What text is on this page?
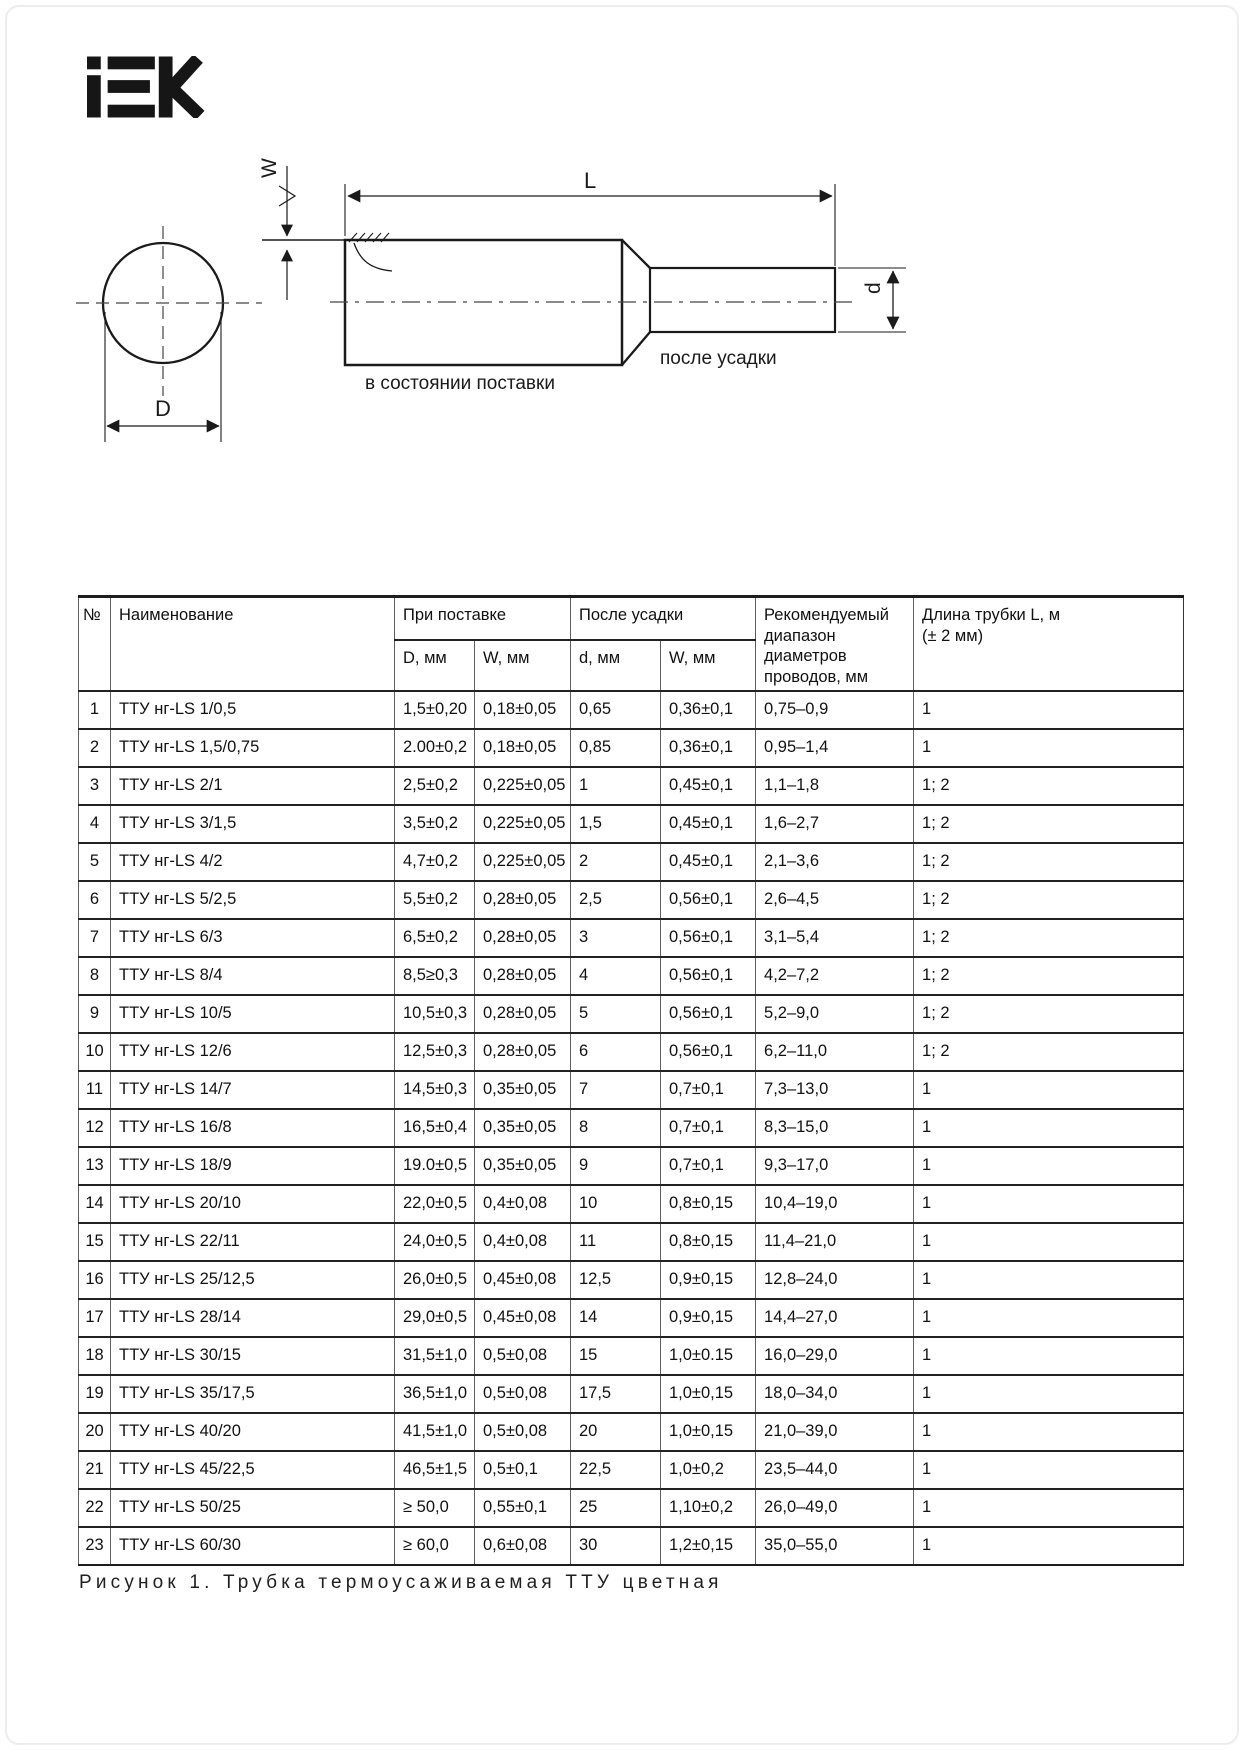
D
W	L
d
после усадки
в состоянии поставки
№	Наименование	При поставке		После усадки		Рекомендуемый диапазон диаметров проводов, мм	Длина трубки L, м
(± 2 мм)
		D, мм	W, мм	d, мм	W, мм		
1	ТТУ нг-LS 1/0,5	1,5±0,20	0,18±0,05	0,65	0,36±0,1	0,75–0,9	1
2	ТТУ нг-LS 1,5/0,75	2.00±0,2	0,18±0,05	0,85	0,36±0,1	0,95–1,4	1
3	ТТУ нг-LS 2/1	2,5±0,2	0,225±0,05	1	0,45±0,1	1,1–1,8	1; 2
4	ТТУ нг-LS 3/1,5	3,5±0,2	0,225±0,05	1,5	0,45±0,1	1,6–2,7	1; 2
5	ТТУ нг-LS 4/2	4,7±0,2	0,225±0,05	2	0,45±0,1	2,1–3,6	1; 2
6	ТТУ нг-LS 5/2,5	5,5±0,2	0,28±0,05	2,5	0,56±0,1	2,6–4,5	1; 2
7	ТТУ нг-LS 6/3	6,5±0,2	0,28±0,05	3	0,56±0,1	3,1–5,4	1; 2
8	ТТУ нг-LS 8/4	8,5≥0,3	0,28±0,05	4	0,56±0,1	4,2–7,2	1; 2
9	ТТУ нг-LS 10/5	10,5±0,3	0,28±0,05	5	0,56±0,1	5,2–9,0	1; 2
10	ТТУ нг-LS 12/6	12,5±0,3	0,28±0,05	6	0,56±0,1	6,2–11,0	1; 2
11	ТТУ нг-LS 14/7	14,5±0,3	0,35±0,05	7	0,7±0,1	7,3–13,0	1
12	ТТУ нг-LS 16/8	16,5±0,4	0,35±0,05	8	0,7±0,1	8,3–15,0	1
13	ТТУ нг-LS 18/9	19.0±0,5	0,35±0,05	9	0,7±0,1	9,3–17,0	1
14	ТТУ нг-LS 20/10	22,0±0,5	0,4±0,08	10	0,8±0,15	10,4–19,0	1
15	ТТУ нг-LS 22/11	24,0±0,5	0,4±0,08	11	0,8±0,15	11,4–21,0	1
16	ТТУ нг-LS 25/12,5	26,0±0,5	0,45±0,08	12,5	0,9±0,15	12,8–24,0	1
17	ТТУ нг-LS 28/14	29,0±0,5	0,45±0,08	14	0,9±0,15	14,4–27,0	1
18	ТТУ нг-LS 30/15	31,5±1,0	0,5±0,08	15	1,0±0.15	16,0–29,0	1
19	ТТУ нг-LS 35/17,5	36,5±1,0	0,5±0,08	17,5	1,0±0,15	18,0–34,0	1
20	ТТУ нг-LS 40/20	41,5±1,0	0,5±0,08	20	1,0±0,15	21,0–39,0	1
21	ТТУ нг-LS 45/22,5	46,5±1,5	0,5±0,1	22,5	1,0±0,2	23,5–44,0	1
22	ТТУ нг-LS 50/25	≥ 50,0	0,55±0,1	25	1,10±0,2	26,0–49,0	1
23	ТТУ нг-LS 60/30	≥ 60,0	0,6±0,08	30	1,2±0,15	35,0–55,0	1
Рисунок 1. Трубка термоусаживаемая ТТУ цветная
